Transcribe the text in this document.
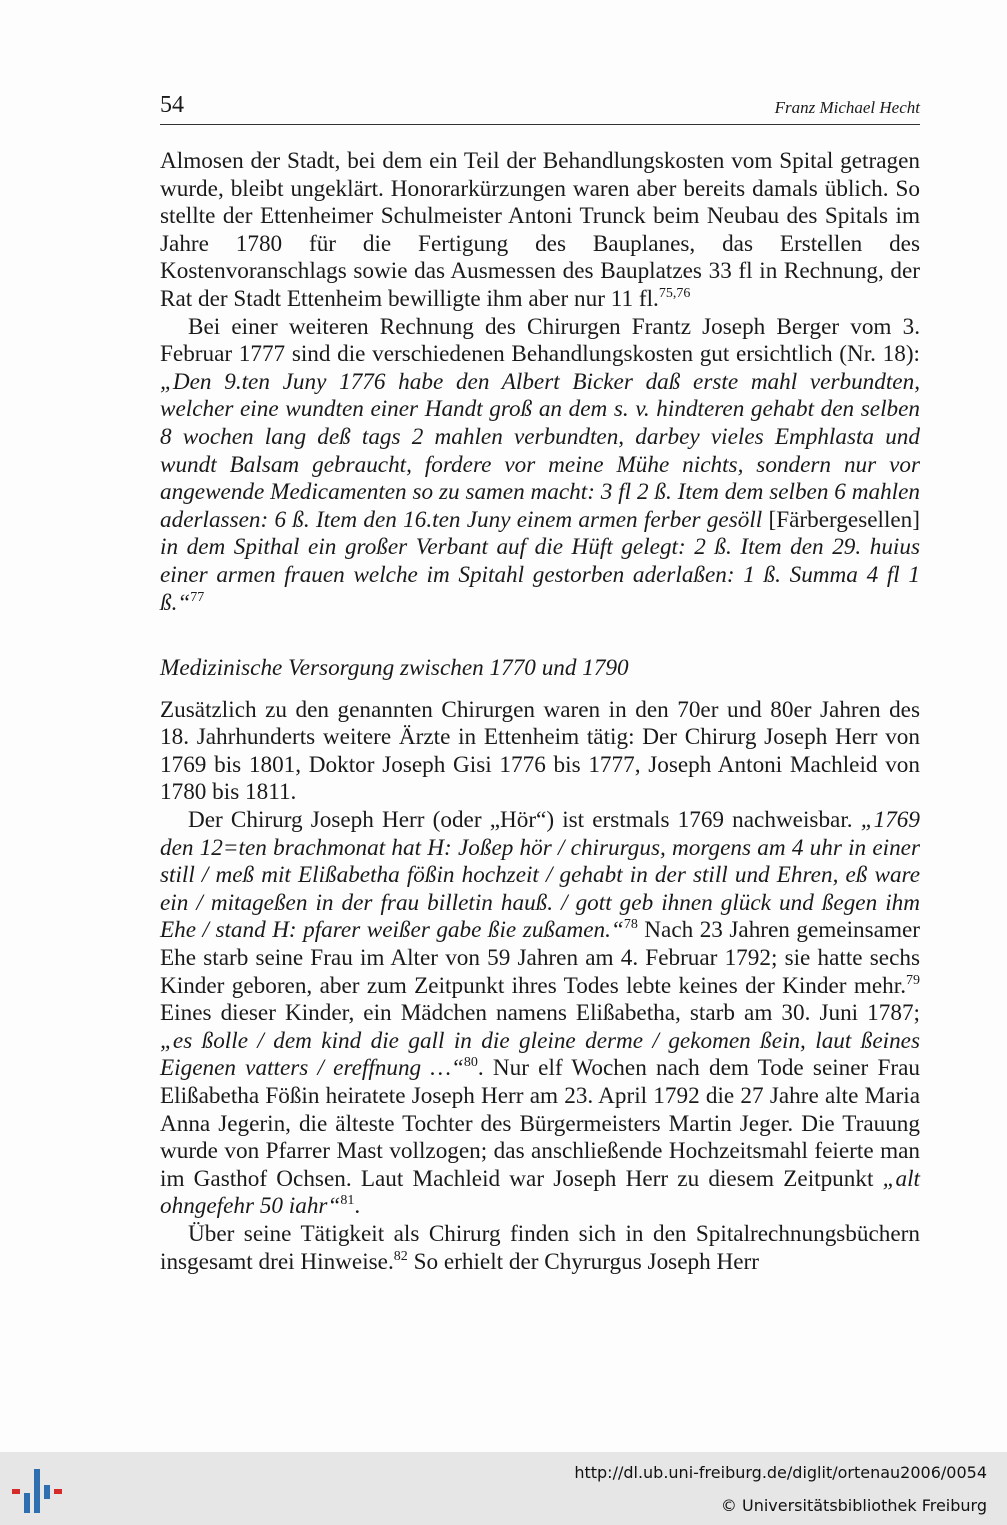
54	Franz Michael Hecht

Almosen der Stadt, bei dem ein Teil der Behandlungskosten vom Spital getragen wurde, bleibt ungeklärt. Honorarkürzungen waren aber bereits damals üblich. So stellte der Ettenheimer Schulmeister Antoni Trunck beim Neubau des Spitals im Jahre 1780 für die Fertigung des Bauplanes, das Erstellen des Kostenvoranschlags sowie das Ausmessen des Bauplatzes 33 fl in Rechnung, der Rat der Stadt Ettenheim bewilligte ihm aber nur 11 fl.$^{75,76}$

Bei einer weiteren Rechnung des Chirurgen Frantz Joseph Berger vom 3. Februar 1777 sind die verschiedenen Behandlungskosten gut ersichtlich (Nr. 18): „Den 9.ten Juny 1776 habe den Albert Bicker daß erste mahl verbundten, welcher eine wundten einer Handt groß an dem s. v. hindteren gehabt den selben 8 wochen lang deß tags 2 mahlen verbundten, darbey vieles Emphlasta und wundt Balsam gebraucht, fordere vor meine Mühe nichts, sondern nur vor angewende Medicamenten so zu samen macht: 3 fl 2 ß. Item dem selben 6 mahlen aderlassen: 6 ß. Item den 16.ten Juny einem armen ferber gesöll [Färbergesellen] in dem Spithal ein großer Verbant auf die Hüft gelegt: 2 ß. Item den 29. huius einer armen frauen welche im Spitahl gestorben aderlaßen: 1 ß. Summa 4 fl 1 ß.“$^{77}$

Medizinische Versorgung zwischen 1770 und 1790

Zusätzlich zu den genannten Chirurgen waren in den 70er und 80er Jahren des 18. Jahrhunderts weitere Ärzte in Ettenheim tätig: Der Chirurg Joseph Herr von 1769 bis 1801, Doktor Joseph Gisi 1776 bis 1777, Joseph Antoni Machleid von 1780 bis 1811.

Der Chirurg Joseph Herr (oder „Hör“) ist erstmals 1769 nachweisbar. „1769 den 12=ten brachmonat hat H: Joßep hör / chirurgus, morgens am 4 uhr in einer still / meß mit Elißabetha fößin hochzeit / gehabt in der still und Ehren, eß ware ein / mitageßen in der frau billetin hauß. / gott geb ihnen glück und ßegen ihm Ehe / stand H: pfarer weißer gabe ßie zußamen.“$^{78}$ Nach 23 Jahren gemeinsamer Ehe starb seine Frau im Alter von 59 Jahren am 4. Februar 1792; sie hatte sechs Kinder geboren, aber zum Zeitpunkt ihres Todes lebte keines der Kinder mehr.$^{79}$ Eines dieser Kinder, ein Mädchen namens Elißabetha, starb am 30. Juni 1787; „es ßolle / dem kind die gall in die gleine derme / gekomen ßein, laut ßeines Eigenen vatters / ereffnung …“$^{80}$. Nur elf Wochen nach dem Tode seiner Frau Elißabetha Fößin heiratete Joseph Herr am 23. April 1792 die 27 Jahre alte Maria Anna Jegerin, die älteste Tochter des Bürgermeisters Martin Jeger. Die Trauung wurde von Pfarrer Mast vollzogen; das anschließende Hochzeitsmahl feierte man im Gasthof Ochsen. Laut Machleid war Joseph Herr zu diesem Zeitpunkt „alt ohngefehr 50 iahr“$^{81}$.

Über seine Tätigkeit als Chirurg finden sich in den Spitalrechnungsbüchern insgesamt drei Hinweise.$^{82}$ So erhielt der Chyrurgus Joseph Herr

http://dl.ub.uni-freiburg.de/diglit/ortenau2006/0054
© Universitätsbibliothek Freiburg
